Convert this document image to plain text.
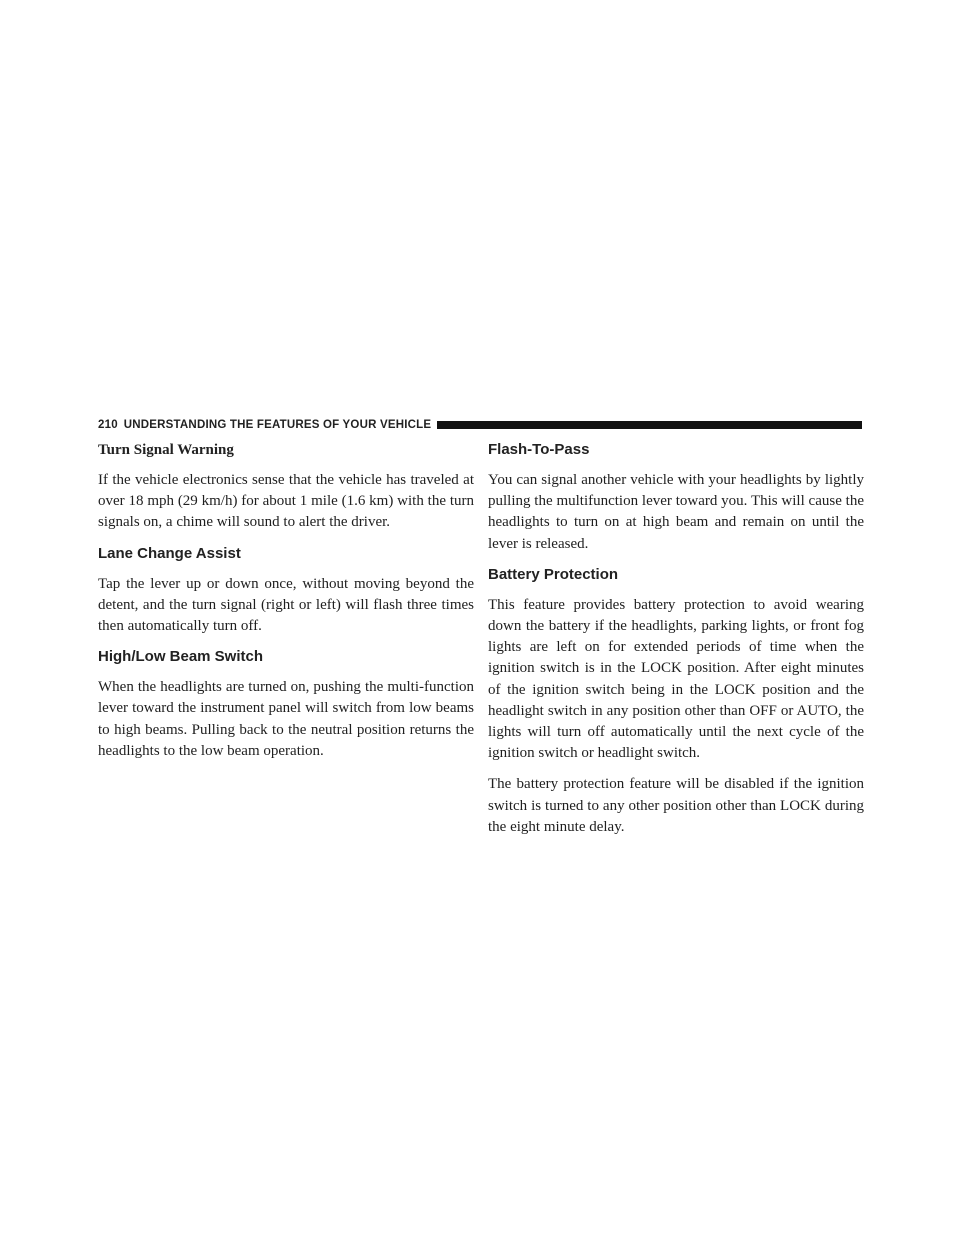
210 UNDERSTANDING THE FEATURES OF YOUR VEHICLE
Turn Signal Warning

If the vehicle electronics sense that the vehicle has traveled at over 18 mph (29 km/h) for about 1 mile (1.6 km) with the turn signals on, a chime will sound to alert the driver.

Lane Change Assist

Tap the lever up or down once, without moving beyond the detent, and the turn signal (right or left) will flash three times then automatically turn off.

High/Low Beam Switch

When the headlights are turned on, pushing the multi-function lever toward the instrument panel will switch from low beams to high beams. Pulling back to the neutral position returns the headlights to the low beam operation.

Flash-To-Pass

You can signal another vehicle with your headlights by lightly pulling the multifunction lever toward you. This will cause the headlights to turn on at high beam and remain on until the lever is released.

Battery Protection

This feature provides battery protection to avoid wearing down the battery if the headlights, parking lights, or front fog lights are left on for extended periods of time when the ignition switch is in the LOCK position. After eight minutes of the ignition switch being in the LOCK position and the headlight switch in any position other than OFF or AUTO, the lights will turn off automatically until the next cycle of the ignition switch or headlight switch.

The battery protection feature will be disabled if the ignition switch is turned to any other position other than LOCK during the eight minute delay.
